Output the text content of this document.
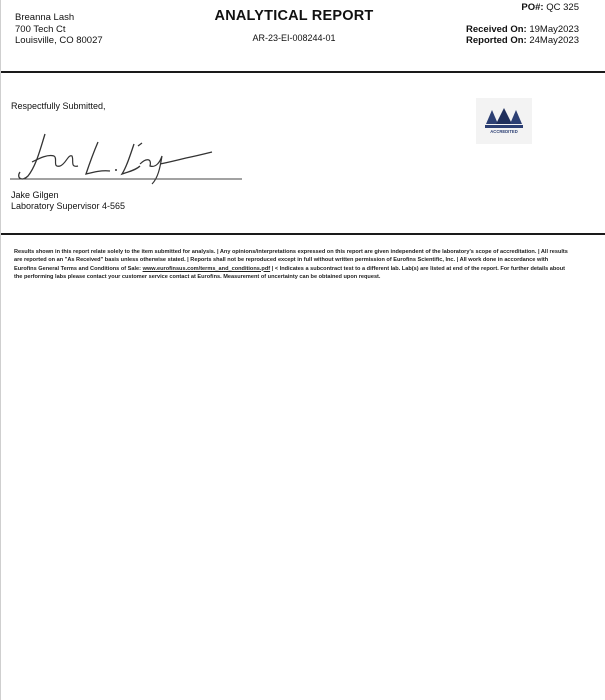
Breanna Lash
700 Tech Ct
Louisville, CO 80027
ANALYTICAL REPORT
AR-23-EI-008244-01
PO#: QC 325
Received On: 19May2023
Reported On: 24May2023
Respectfully Submitted,
Jake Gilgen
Laboratory Supervisor 4-565
ACCREDITED
Results shown in this report relate solely to the item submitted for analysis. | Any opinions/interpretations expressed on this report are given independent of the laboratory's scope of accreditation. | All results are reported on an "As Received" basis unless otherwise stated. | Reports shall not be reproduced except in full without written permission of Eurofins Scientific, Inc. | All work done in accordance with Eurofins General Terms and Conditions of Sale: www.eurofinsus.com/terms_and_conditions.pdf | < Indicates a subcontract test to a different lab. Lab(s) are listed at end of the report. For further details about the performing labs please contact your customer service contact at Eurofins. Measurement of uncertainty can be obtained upon request.
